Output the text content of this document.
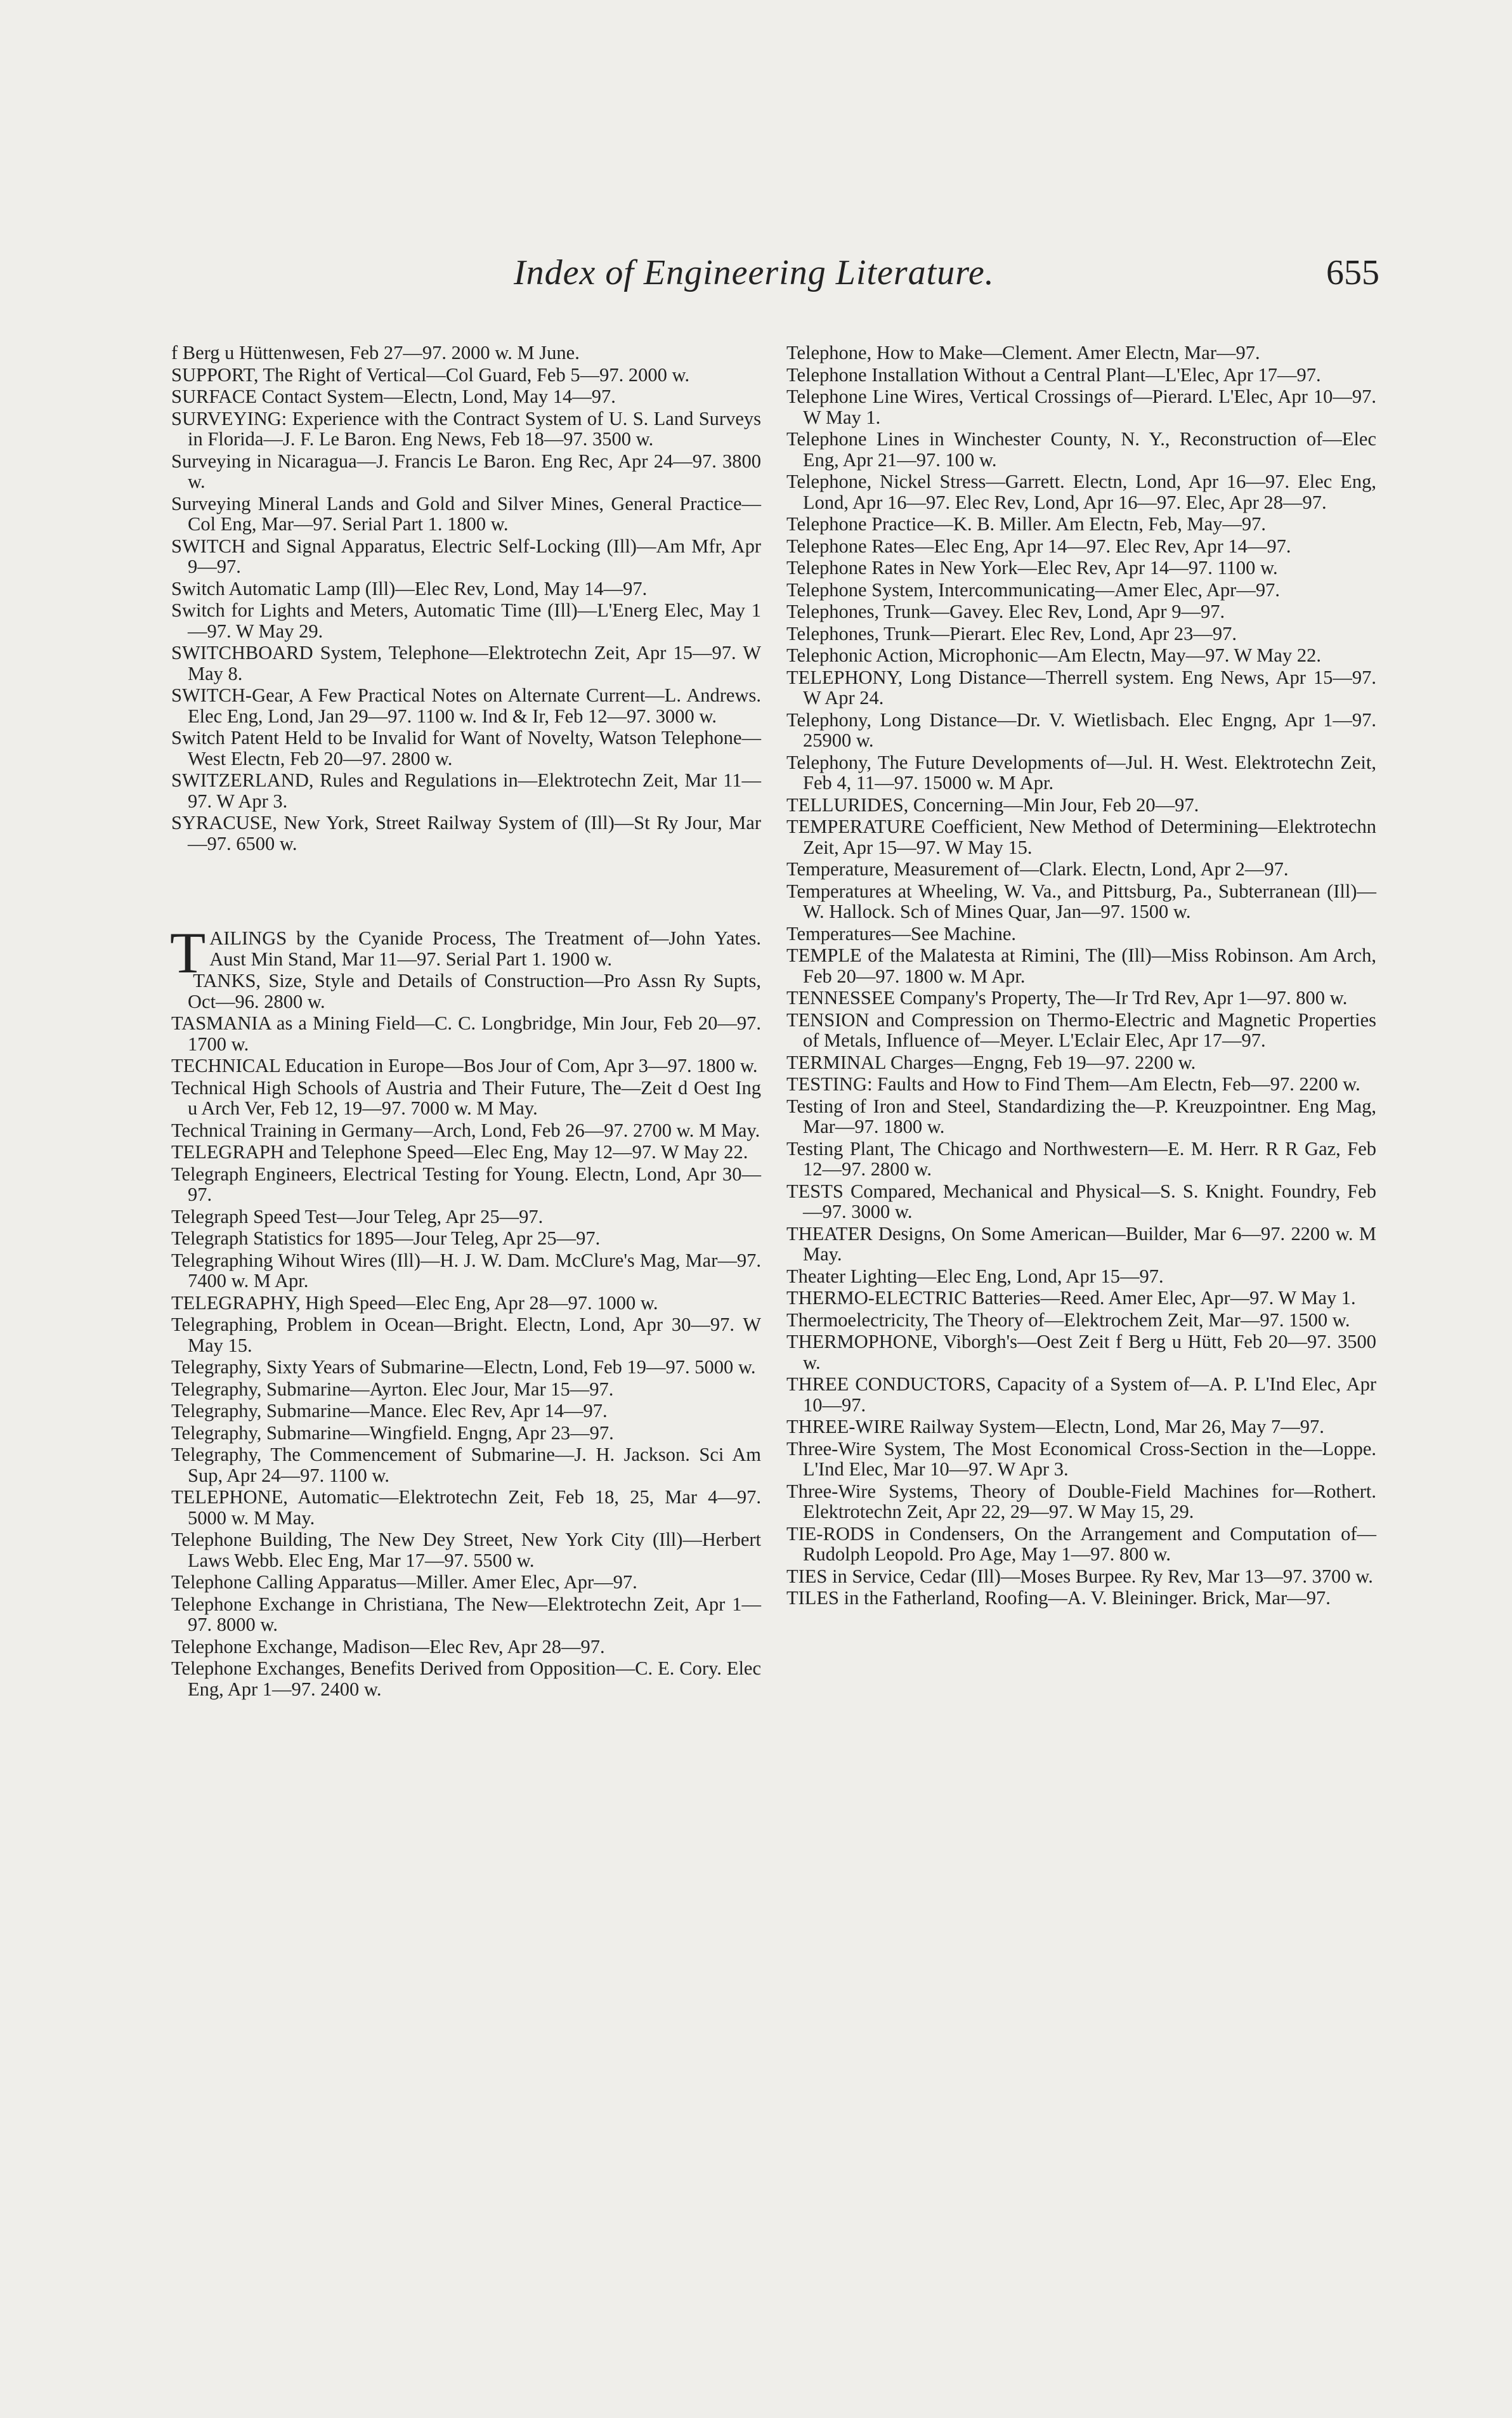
Index of Engineering Literature.	655

f Berg u Hüttenwesen, Feb 27—97. 2000 w. M June.

SUPPORT, The Right of Vertical—Col Guard, Feb 5—97. 2000 w.

SURFACE Contact System—Electn, Lond, May 14—97.

SURVEYING: Experience with the Contract System of U. S. Land Surveys in Florida—J. F. Le Baron. Eng News, Feb 18—97. 3500 w.

Surveying in Nicaragua—J. Francis Le Baron. Eng Rec, Apr 24—97. 3800 w.

Surveying Mineral Lands and Gold and Silver Mines, General Practice—Col Eng, Mar—97. Serial Part 1. 1800 w.

SWITCH and Signal Apparatus, Electric Self-Locking (Ill)—Am Mfr, Apr 9—97.

Switch Automatic Lamp (Ill)—Elec Rev, Lond, May 14—97.

Switch for Lights and Meters, Automatic Time (Ill)—L'Energ Elec, May 1—97. W May 29.

SWITCHBOARD System, Telephone—Elektrotechn Zeit, Apr 15—97. W May 8.

SWITCH-Gear, A Few Practical Notes on Alternate Current—L. Andrews. Elec Eng, Lond, Jan 29—97. 1100 w. Ind & Ir, Feb 12—97. 3000 w.

Switch Patent Held to be Invalid for Want of Novelty, Watson Telephone—West Electn, Feb 20—97. 2800 w.

SWITZERLAND, Rules and Regulations in—Elektrotechn Zeit, Mar 11—97. W Apr 3.

SYRACUSE, New York, Street Railway System of (Ill)—St Ry Jour, Mar—97. 6500 w.

TAILINGS by the Cyanide Process, The Treatment of—John Yates. Aust Min Stand, Mar 11—97. Serial Part 1. 1900 w.

TANKS, Size, Style and Details of Construction—Pro Assn Ry Supts, Oct—96. 2800 w.

TASMANIA as a Mining Field—C. C. Longbridge, Min Jour, Feb 20—97. 1700 w.

TECHNICAL Education in Europe—Bos Jour of Com, Apr 3—97. 1800 w.

Technical High Schools of Austria and Their Future, The—Zeit d Oest Ing u Arch Ver, Feb 12, 19—97. 7000 w. M May.

Technical Training in Germany—Arch, Lond, Feb 26—97. 2700 w. M May.

TELEGRAPH and Telephone Speed—Elec Eng, May 12—97. W May 22.

Telegraph Engineers, Electrical Testing for Young. Electn, Lond, Apr 30—97.

Telegraph Speed Test—Jour Teleg, Apr 25—97.

Telegraph Statistics for 1895—Jour Teleg, Apr 25—97.

Telegraphing Wihout Wires (Ill)—H. J. W. Dam. McClure's Mag, Mar—97. 7400 w. M Apr.

TELEGRAPHY, High Speed—Elec Eng, Apr 28—97. 1000 w.

Telegraphing, Problem in Ocean—Bright. Electn, Lond, Apr 30—97. W May 15.

Telegraphy, Sixty Years of Submarine—Electn, Lond, Feb 19—97. 5000 w.

Telegraphy, Submarine—Ayrton. Elec Jour, Mar 15—97.

Telegraphy, Submarine—Mance. Elec Rev, Apr 14—97.

Telegraphy, Submarine—Wingfield. Engng, Apr 23—97.

Telegraphy, The Commencement of Submarine—J. H. Jackson. Sci Am Sup, Apr 24—97. 1100 w.

TELEPHONE, Automatic—Elektrotechn Zeit, Feb 18, 25, Mar 4—97. 5000 w. M May.

Telephone Building, The New Dey Street, New York City (Ill)—Herbert Laws Webb. Elec Eng, Mar 17—97. 5500 w.

Telephone Calling Apparatus—Miller. Amer Elec, Apr—97.

Telephone Exchange in Christiana, The New—Elektrotechn Zeit, Apr 1—97. 8000 w.

Telephone Exchange, Madison—Elec Rev, Apr 28—97.

Telephone Exchanges, Benefits Derived from Opposition—C. E. Cory. Elec Eng, Apr 1—97. 2400 w.

Telephone, How to Make—Clement. Amer Electn, Mar—97.

Telephone Installation Without a Central Plant—L'Elec, Apr 17—97.

Telephone Line Wires, Vertical Crossings of—Pierard. L'Elec, Apr 10—97. W May 1.

Telephone Lines in Winchester County, N. Y., Reconstruction of—Elec Eng, Apr 21—97. 100 w.

Telephone, Nickel Stress—Garrett. Electn, Lond, Apr 16—97. Elec Eng, Lond, Apr 16—97. Elec Rev, Lond, Apr 16—97. Elec, Apr 28—97.

Telephone Practice—K. B. Miller. Am Electn, Feb, May—97.

Telephone Rates—Elec Eng, Apr 14—97. Elec Rev, Apr 14—97.

Telephone Rates in New York—Elec Rev, Apr 14—97. 1100 w.

Telephone System, Intercommunicating—Amer Elec, Apr—97.

Telephones, Trunk—Gavey. Elec Rev, Lond, Apr 9—97.

Telephones, Trunk—Pierart. Elec Rev, Lond, Apr 23—97.

Telephonic Action, Microphonic—Am Electn, May—97. W May 22.

TELEPHONY, Long Distance—Therrell system. Eng News, Apr 15—97. W Apr 24.

Telephony, Long Distance—Dr. V. Wietlisbach. Elec Engng, Apr 1—97. 25900 w.

Telephony, The Future Developments of—Jul. H. West. Elektrotechn Zeit, Feb 4, 11—97. 15000 w. M Apr.

TELLURIDES, Concerning—Min Jour, Feb 20—97.

TEMPERATURE Coefficient, New Method of Determining—Elektrotechn Zeit, Apr 15—97. W May 15.

Temperature, Measurement of—Clark. Electn, Lond, Apr 2—97.

Temperatures at Wheeling, W. Va., and Pittsburg, Pa., Subterranean (Ill)—W. Hallock. Sch of Mines Quar, Jan—97. 1500 w.

Temperatures—See Machine.

TEMPLE of the Malatesta at Rimini, The (Ill)—Miss Robinson. Am Arch, Feb 20—97. 1800 w. M Apr.

TENNESSEE Company's Property, The—Ir Trd Rev, Apr 1—97. 800 w.

TENSION and Compression on Thermo-Electric and Magnetic Properties of Metals, Influence of—Meyer. L'Eclair Elec, Apr 17—97.

TERMINAL Charges—Engng, Feb 19—97. 2200 w.

TESTING: Faults and How to Find Them—Am Electn, Feb—97. 2200 w.

Testing of Iron and Steel, Standardizing the—P. Kreuzpointner. Eng Mag, Mar—97. 1800 w.

Testing Plant, The Chicago and Northwestern—E. M. Herr. R R Gaz, Feb 12—97. 2800 w.

TESTS Compared, Mechanical and Physical—S. S. Knight. Foundry, Feb—97. 3000 w.

THEATER Designs, On Some American—Builder, Mar 6—97. 2200 w. M May.

Theater Lighting—Elec Eng, Lond, Apr 15—97.

THERMO-ELECTRIC Batteries—Reed. Amer Elec, Apr—97. W May 1.

Thermoelectricity, The Theory of—Elektrochem Zeit, Mar—97. 1500 w.

THERMOPHONE, Viborgh's—Oest Zeit f Berg u Hütt, Feb 20—97. 3500 w.

THREE CONDUCTORS, Capacity of a System of—A. P. L'Ind Elec, Apr 10—97.

THREE-WIRE Railway System—Electn, Lond, Mar 26, May 7—97.

Three-Wire System, The Most Economical Cross-Section in the—Loppe. L'Ind Elec, Mar 10—97. W Apr 3.

Three-Wire Systems, Theory of Double-Field Machines for—Rothert. Elektrotechn Zeit, Apr 22, 29—97. W May 15, 29.

TIE-RODS in Condensers, On the Arrangement and Computation of—Rudolph Leopold. Pro Age, May 1—97. 800 w.

TIES in Service, Cedar (Ill)—Moses Burpee. Ry Rev, Mar 13—97. 3700 w.

TILES in the Fatherland, Roofing—A. V. Bleininger. Brick, Mar—97.
